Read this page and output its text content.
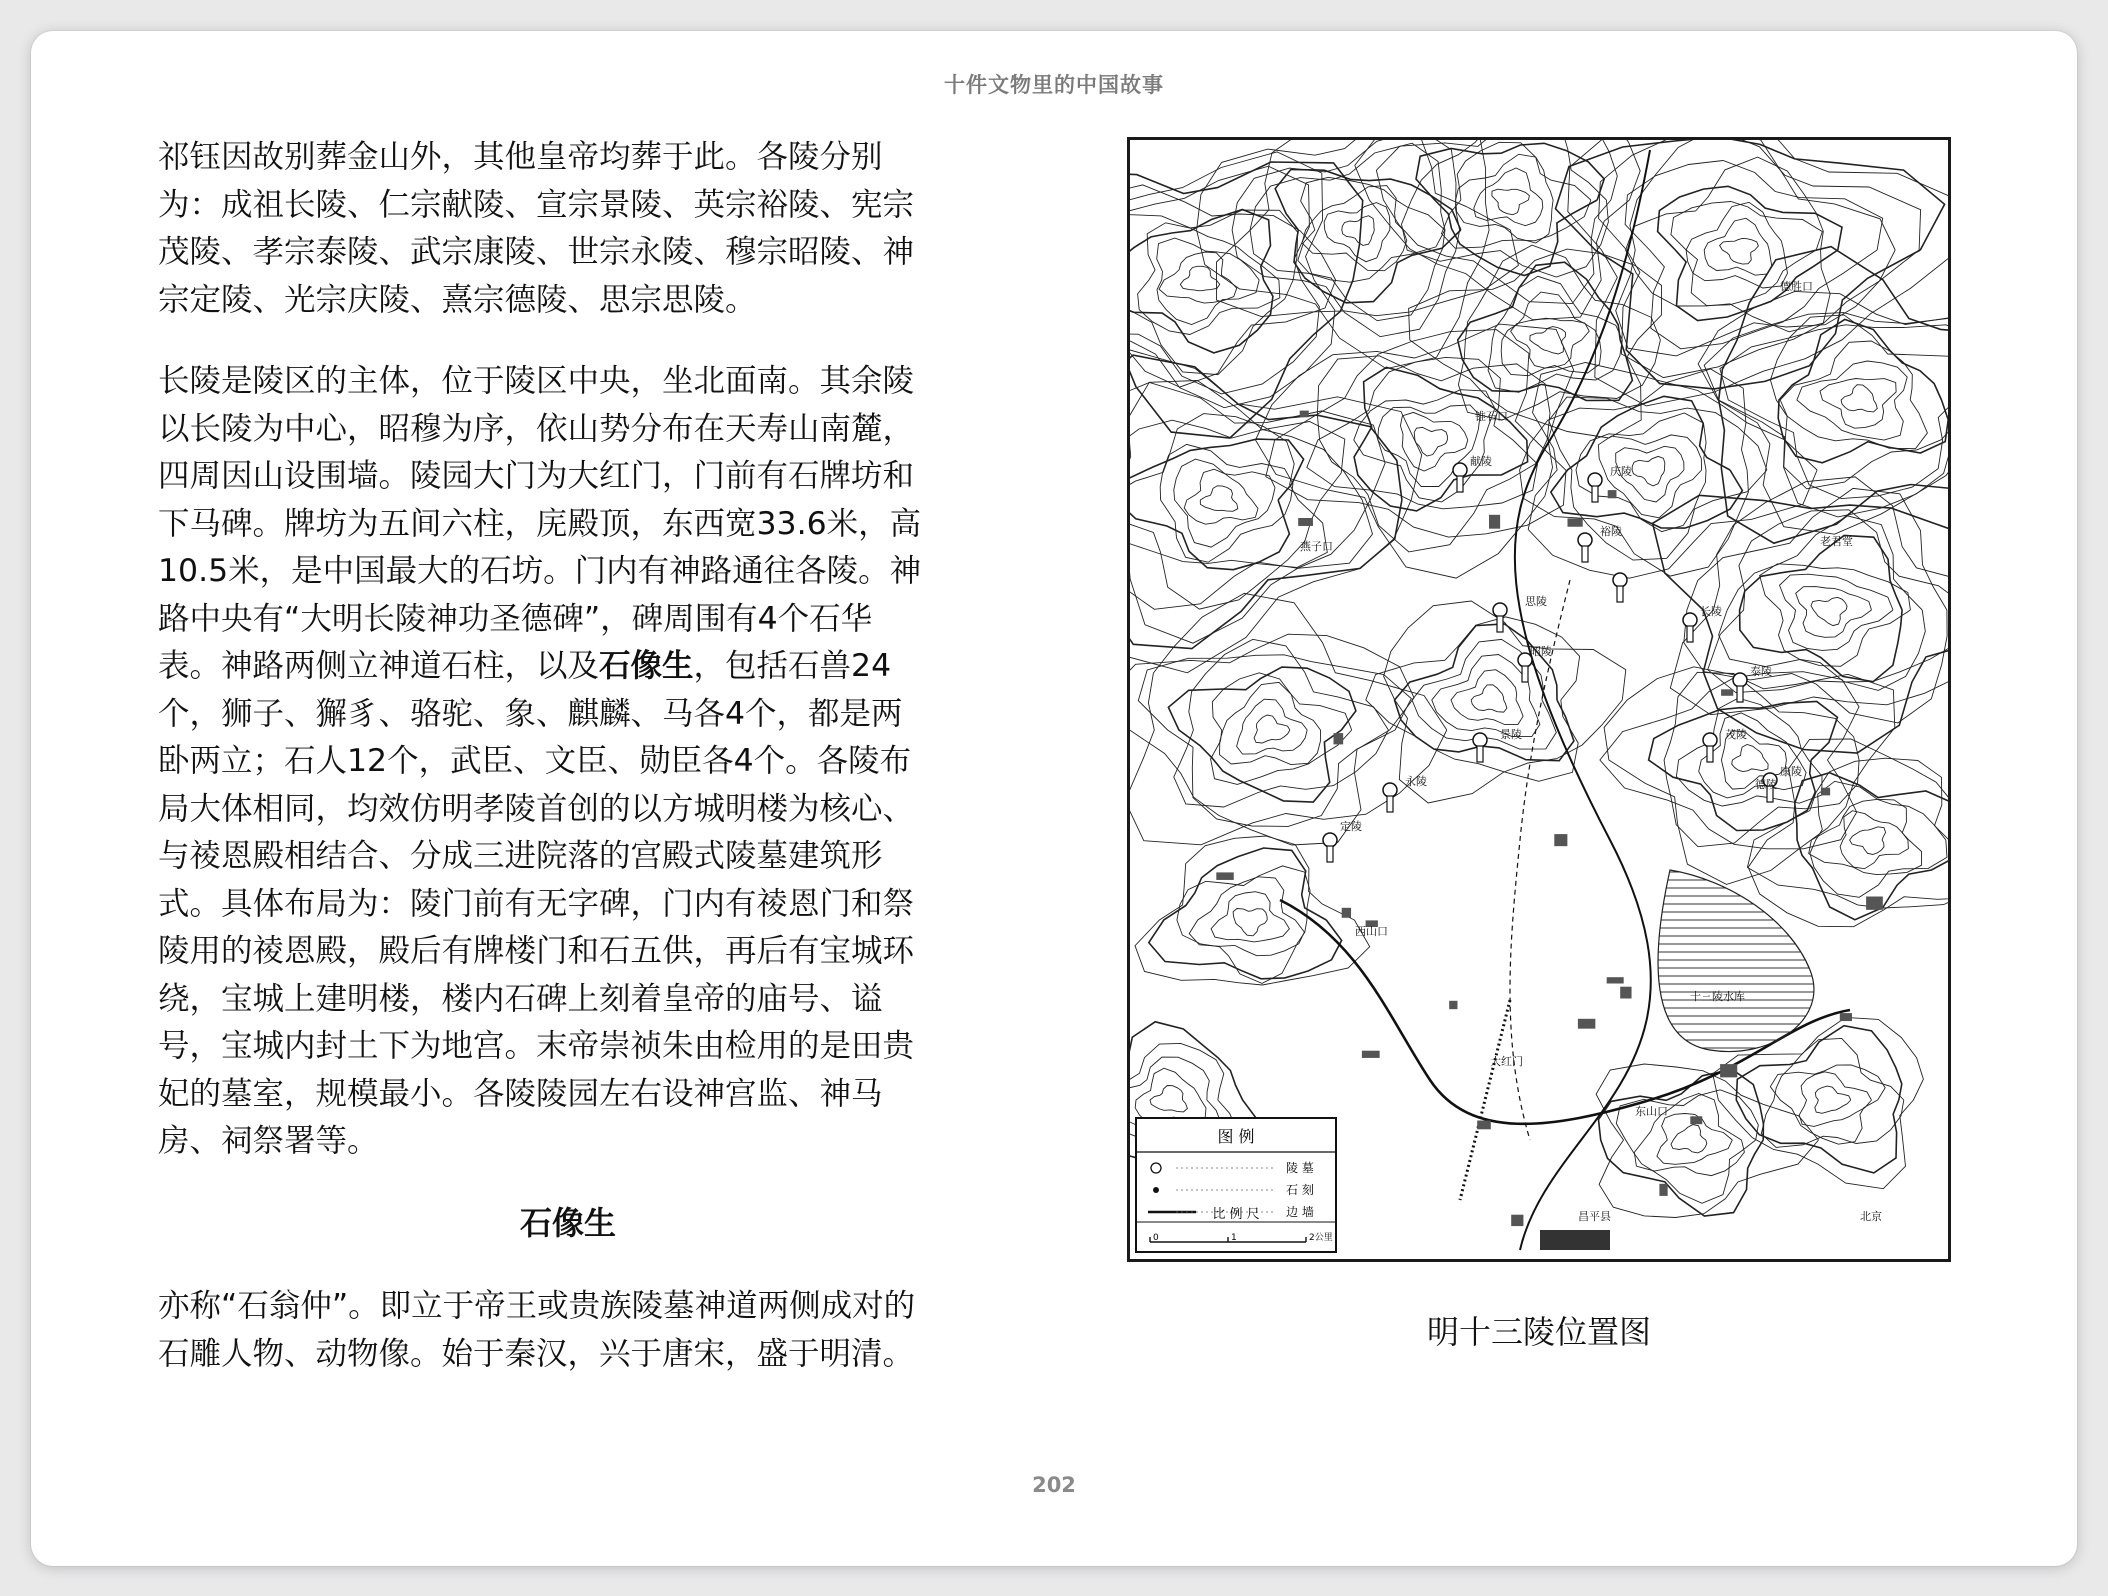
十件文物里的中国故事

祁钰因故别葬金山外，其他皇帝均葬于此。各陵分别
为：成祖长陵、仁宗献陵、宣宗景陵、英宗裕陵、宪宗
茂陵、孝宗泰陵、武宗康陵、世宗永陵、穆宗昭陵、神
宗定陵、光宗庆陵、熹宗德陵、思宗思陵。

长陵是陵区的主体，位于陵区中央，坐北面南。其余陵
以长陵为中心，昭穆为序，依山势分布在天寿山南麓，
四周因山设围墙。陵园大门为大红门，门前有石牌坊和
下马碑。牌坊为五间六柱，庑殿顶，东西宽33.6米，高
10.5米，是中国最大的石坊。门内有神路通往各陵。神
路中央有“大明长陵神功圣德碑”，碑周围有4个石华
表。神路两侧立神道石柱，以及石像生，包括石兽24
个，狮子、獬豸、骆驼、象、麒麟、马各4个，都是两
卧两立；石人12个，武臣、文臣、勋臣各4个。各陵布
局大体相同，均效仿明孝陵首创的以方城明楼为核心、
与祾恩殿相结合、分成三进院落的宫殿式陵墓建筑形
式。具体布局为：陵门前有无字碑，门内有祾恩门和祭
陵用的祾恩殿，殿后有牌楼门和石五供，再后有宝城环
绕，宝城上建明楼，楼内石碑上刻着皇帝的庙号、谥
号，宝城内封土下为地宫。末帝崇祯朱由检用的是田贵
妃的墓室，规模最小。各陵陵园左右设神宫监、神马
房、祠祭署等。

石像生

亦称“石翁仲”。即立于帝王或贵族陵墓神道两侧成对的
石雕人物、动物像。始于秦汉，兴于唐宋，盛于明清。

德陵
长陵
泰陵
茂陵
裕陵
庆陵
献陵
景陵
永陵
定陵
昭陵
康陵
思陵
锥石口
东山口
西山口
大红门
昌平县
十三陵水库
北京
德胜口
老君堂
燕子口
图 例
陵 墓
石 刻
边 墙
比 例 尺
0	1	2公里
明十三陵位置图
202
